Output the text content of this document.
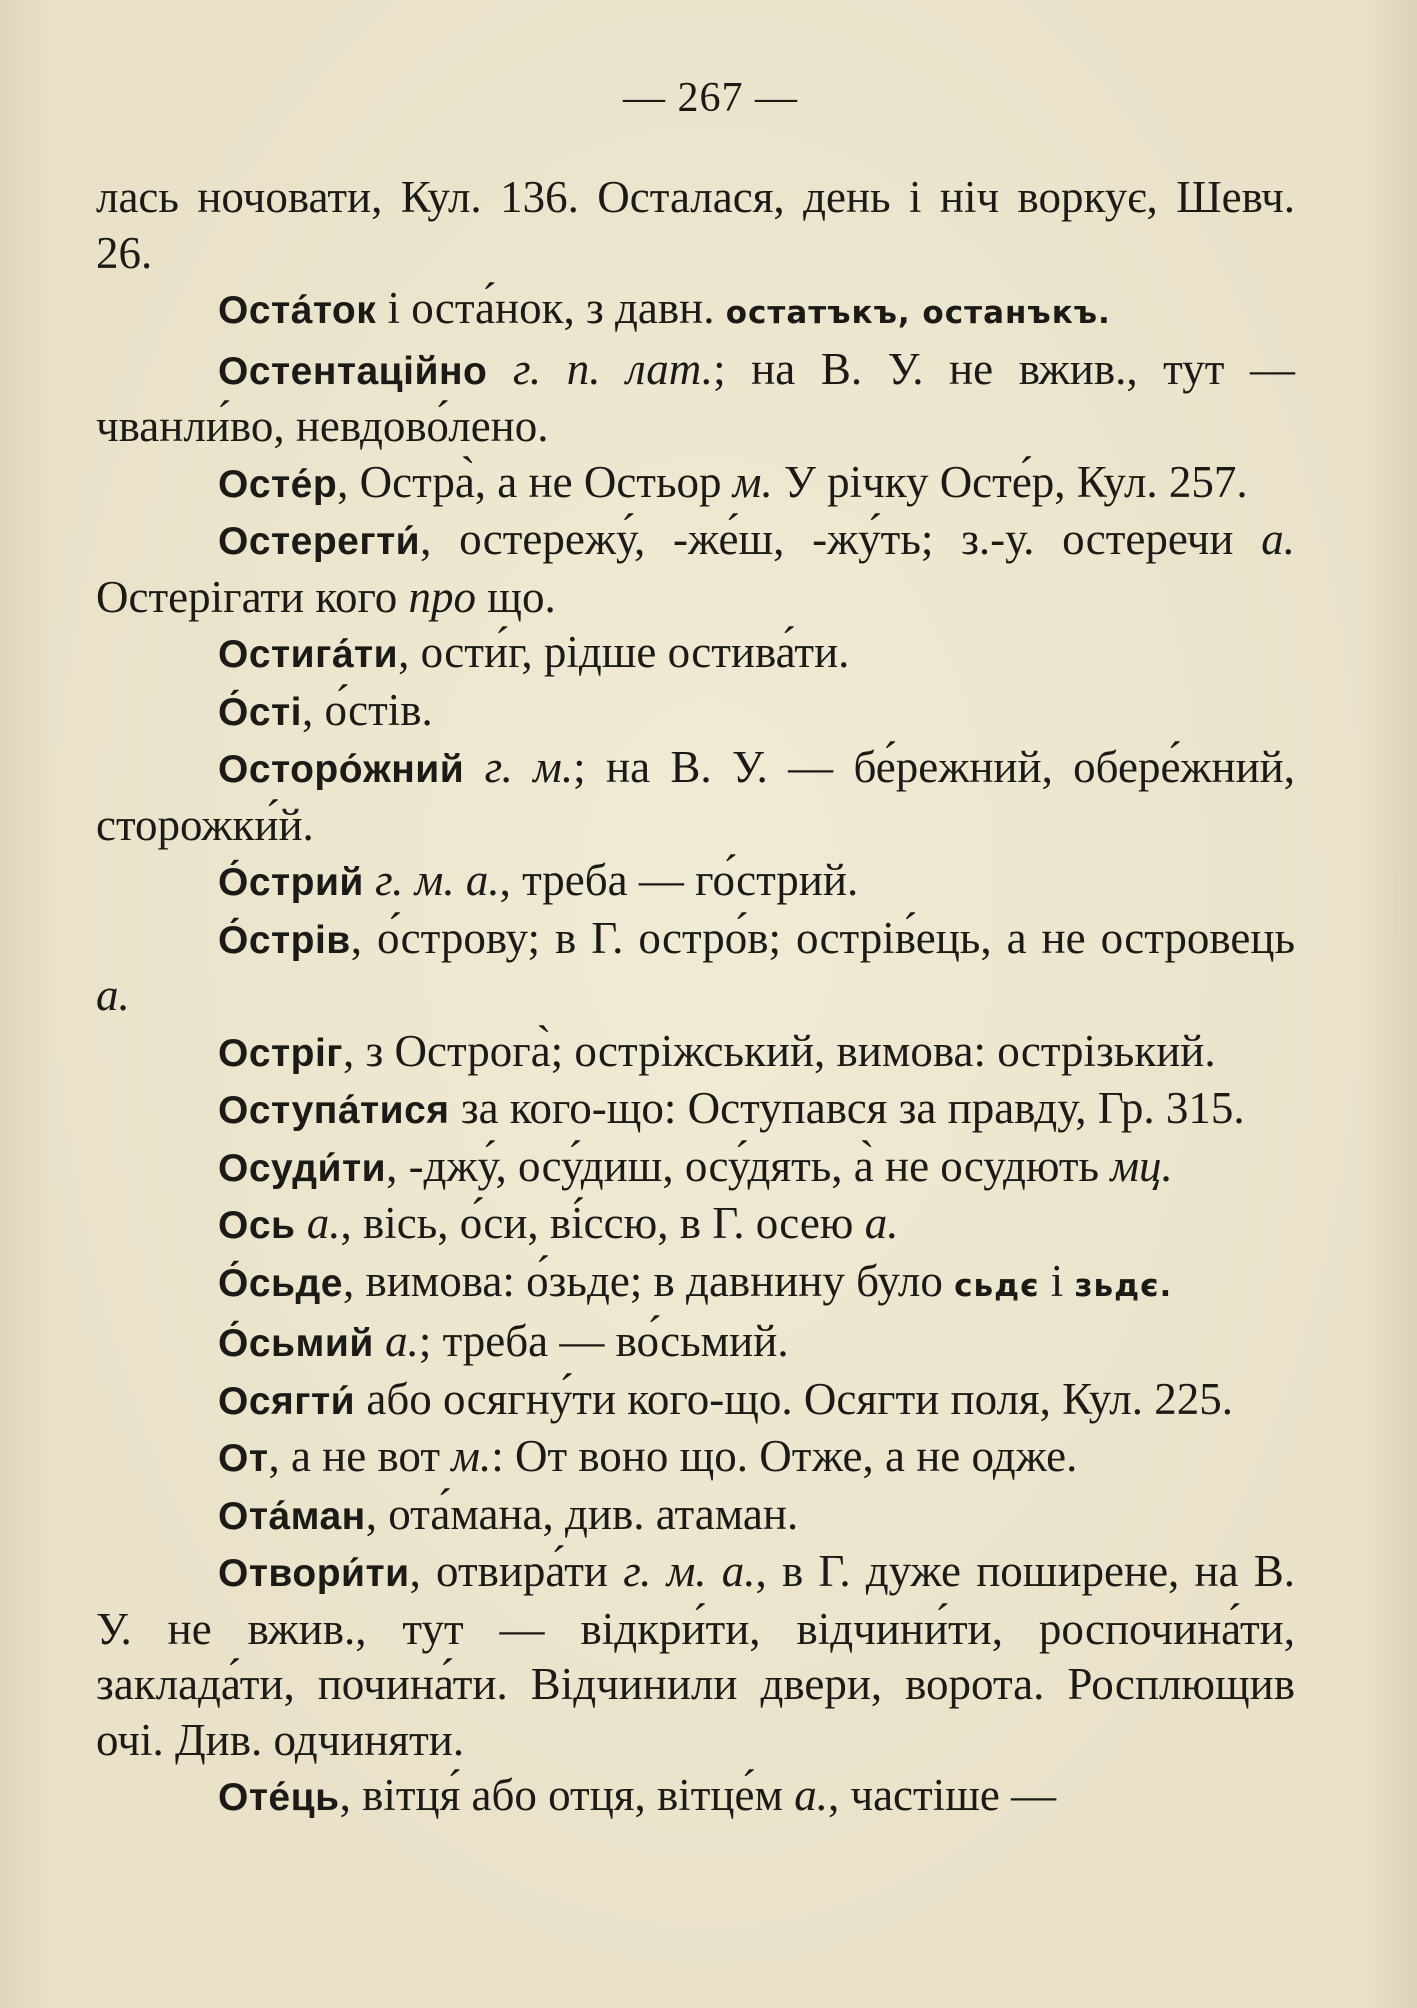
— 267 —

лась ночовати, Кул. 136. Осталася, день і ніч воркує, Шевч. 26.

Оста́ток і оста́нок, з давн. остатъкъ, останъкъ.

Остентаційно г. п. лат.; на В. У. не вжив., тут — чванли́во, невдово́лено.

Осте́р, Остра̀, а не Остьор м. У річку Осте́р, Кул. 257.

Остерегти́, остережу́, -же́ш, -жу́ть; з.-у. остеречи а. Остерігати кого про що.

Остига́ти, ости́г, рідше остива́ти.

О́сті, о́стів.

Осторо́жний г. м.; на В. У. — бе́режний, обере́жний, сторожки́й.

О́стрий г. м. а., треба — го́стрий.

О́стрів, о́строву; в Г. остро́в; острів́ець, а не островець а.

Остріг, з Острога̀; остріжський, вимова: острізький.

Оступа́тися за кого-що: Оступався за правду, Гр. 315.

Осуди́ти, -джу́, осу́диш, осу́дять, а̀ не осудють мц.

Ось а., вісь, о́си, ві́ссю, в Г. осею а.

О́сьде, вимова: о́зьде; в давнину було сьдє і зьдє.

О́сьмий а.; треба — во́сьмий.

Осягти́ або осягну́ти кого-що. Осягти поля, Кул. 225.

От, а не вот м.: От воно що. Отже, а не одже.

Ота́ман, ота́мана, див. атаман.

Отвори́ти, отвира́ти г. м. а., в Г. дуже поширене, на В. У. не вжив., тут — відкри́ти, відчини́ти, роспочина́ти, заклада́ти, почина́ти. Відчинили двери, ворота. Росплющив очі. Див. одчиняти.

Оте́ць, вітця́ або отця, вітце́м а., частіше —
